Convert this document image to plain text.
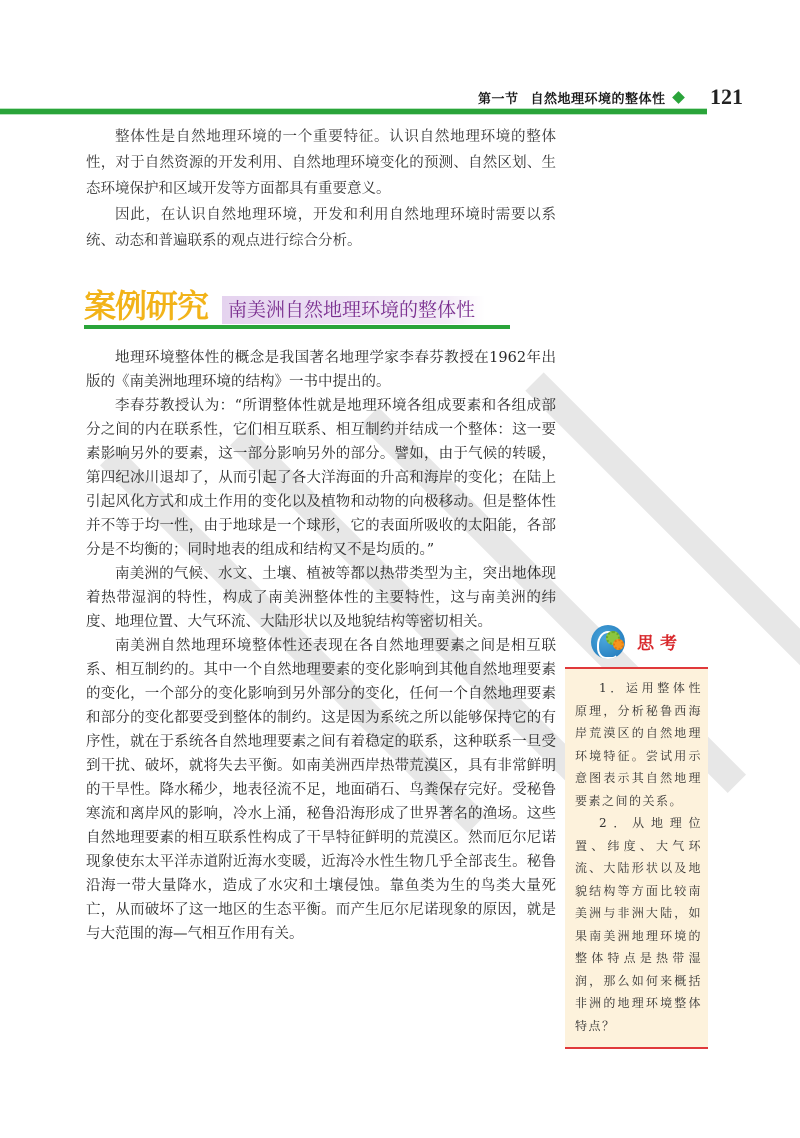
第一节 自然地理环境的整体性	121

整体性是自然地理环境的一个重要特征。认识自然地理环境的整体性，对于自然资源的开发利用、自然地理环境变化的预测、自然区划、生态环境保护和区域开发等方面都具有重要意义。

因此，在认识自然地理环境，开发和利用自然地理环境时需要以系统、动态和普遍联系的观点进行综合分析。

案例研究	南美洲自然地理环境的整体性

地理环境整体性的概念是我国著名地理学家李春芬教授在1962年出版的《南美洲地理环境的结构》一书中提出的。

李春芬教授认为：“所谓整体性就是地理环境各组成要素和各组成部分之间的内在联系性，它们相互联系、相互制约并结成一个整体：这一要素影响另外的要素，这一部分影响另外的部分。譬如，由于气候的转暖，第四纪冰川退却了，从而引起了各大洋海面的升高和海岸的变化；在陆上引起风化方式和成土作用的变化以及植物和动物的向极移动。但是整体性并不等于均一性，由于地球是一个球形，它的表面所吸收的太阳能，各部分是不均衡的；同时地表的组成和结构又不是均质的。”

南美洲的气候、水文、土壤、植被等都以热带类型为主，突出地体现着热带湿润的特性，构成了南美洲整体性的主要特性，这与南美洲的纬度、地理位置、大气环流、大陆形状以及地貌结构等密切相关。

南美洲自然地理环境整体性还表现在各自然地理要素之间是相互联系、相互制约的。其中一个自然地理要素的变化影响到其他自然地理要素的变化，一个部分的变化影响到另外部分的变化，任何一个自然地理要素和部分的变化都要受到整体的制约。这是因为系统之所以能够保持它的有序性，就在于系统各自然地理要素之间有着稳定的联系，这种联系一旦受到干扰、破坏，就将失去平衡。如南美洲西岸热带荒漠区，具有非常鲜明的干旱性。降水稀少，地表径流不足，地面硝石、鸟粪保存完好。受秘鲁寒流和离岸风的影响，冷水上涌，秘鲁沿海形成了世界著名的渔场。这些自然地理要素的相互联系性构成了干旱特征鲜明的荒漠区。然而厄尔尼诺现象使东太平洋赤道附近海水变暖，近海冷水性生物几乎全部丧生。秘鲁沿海一带大量降水，造成了水灾和土壤侵蚀。靠鱼类为生的鸟类大量死亡，从而破坏了这一地区的生态平衡。而产生厄尔尼诺现象的原因，就是与大范围的海—气相互作用有关。

思考

1．运用整体性原理，分析秘鲁西海岸荒漠区的自然地理环境特征。尝试用示意图表示其自然地理要素之间的关系。

2．从地理位置、纬度、大气环流、大陆形状以及地貌结构等方面比较南美洲与非洲大陆，如果南美洲地理环境的整体特点是热带湿润，那么如何来概括非洲的地理环境整体特点？
